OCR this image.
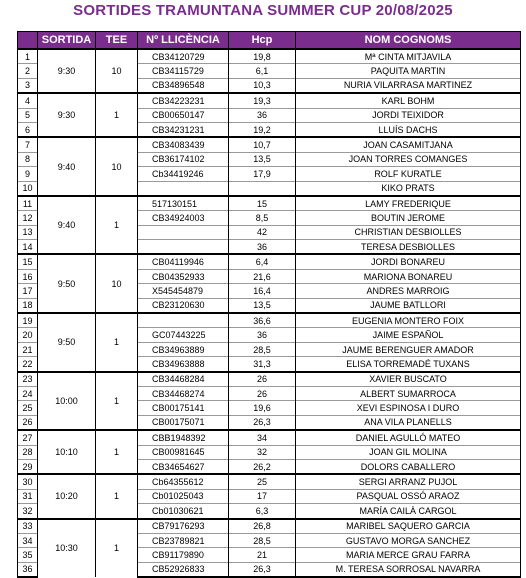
SORTIDES TRAMUNTANA SUMMER CUP 20/08/2025
	SORTIDA	TEE	Nº LLICÈNCIA	Hcp	NOM COGNOMS
1	9:30	10	CB34120729	19,8	Mª CINTA MITJAVILA
2			CB34115729	6,1	PAQUITA MARTIN
3			CB34896548	10,3	NURIA VILARRASA MARTINEZ
4	9:30	1	CB34223231	19,3	KARL BOHM
5			CB00650147	36	JORDI TEIXIDOR
6			CB34231231	19,2	LLUÍS DACHS
7	9:40	10	CB34083439	10,7	JOAN CASAMITJANA
8			CB36174102	13,5	JOAN TORRES COMANGES
9			Cb34419246	17,9	ROLF KURATLE
10					KIKO PRATS
11	9:40	1	517130151	15	LAMY FREDERIQUE
12			CB34924003	8,5	BOUTIN JEROME
13				42	CHRISTIAN DESBIOLLES
14				36	TERESA DESBIOLLES
15	9:50	10	CB04119946	6,4	JORDI BONAREU
16			CB04352933	21,6	MARIONA BONAREU
17			X545454879	16,4	ANDRES MARROIG
18			CB23120630	13,5	JAUME BATLLORI
19	9:50	1		36,6	EUGENIA MONTERO FOIX
20			GC07443225	36	JAIME ESPAÑOL
21			CB34963889	28,5	JAUME BERENGUER AMADOR
22			CB34963888	31,3	ELISA TORREMADÉ TUXANS
23	10:00	1	CB34468284	26	XAVIER BUSCATO
24			CB34468274	26	ALBERT SUMARROCA
25			CB00175141	19,6	XEVI ESPINOSA I DURO
26			CB00175071	26,3	ANA VILA PLANELLS
27	10:10	1	CBB1948392	34	DANIEL AGULLÓ MATEO
28			CB00981645	32	JOAN GIL MOLINA
29			CB34654627	26,2	DOLORS CABALLERO
30	10:20	1	Cb64355612	25	SERGI ARRANZ PUJOL
31			Cb01025043	17	PASQUAL OSSÓ ARAOZ
32			Cb01030621	6,3	MARÍA CAILÀ CARGOL
33	10:30	1	CB79176293	26,8	MARIBEL SAQUERO GARCIA
34			CB23789821	28,5	GUSTAVO MORGA SANCHEZ
35			CB91179890	21	MARIA MERCE GRAU FARRA
36			CB52926833	26,3	M. TERESA SORROSAL NAVARRA
